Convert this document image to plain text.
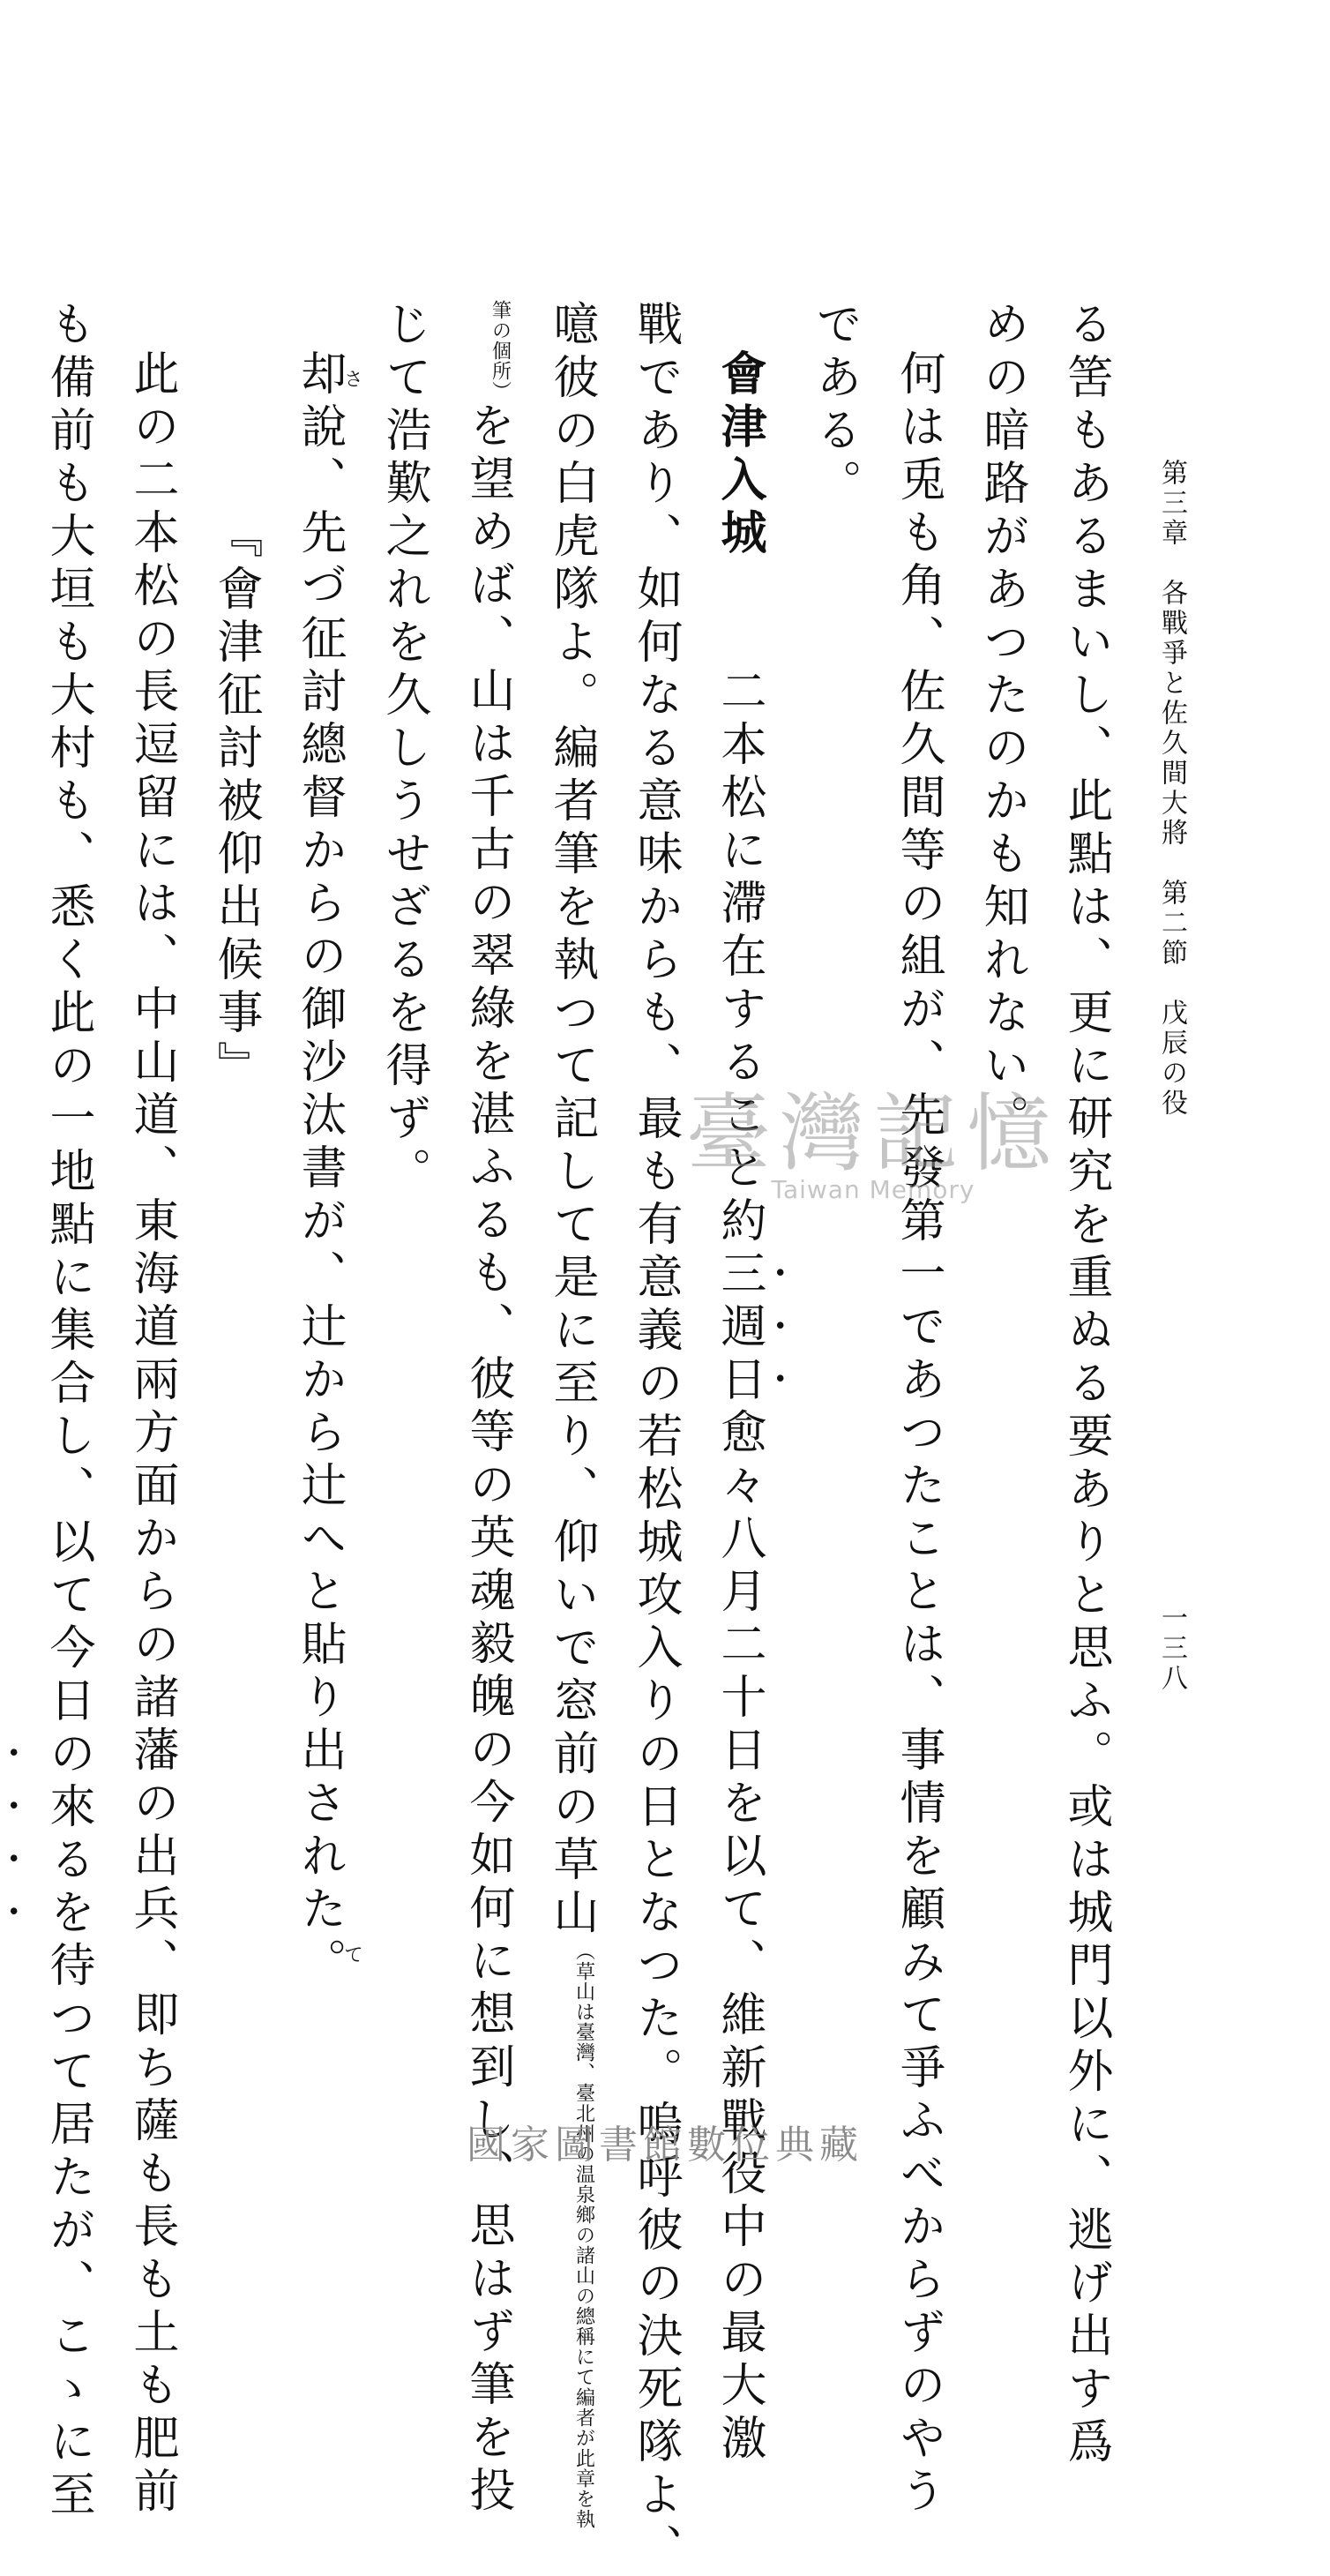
第三章　各戰爭と佐久間大將　第二節　戊辰の役
一三八
る筈もあるまいし、此點は、更に研究を重ぬる要ありと思ふ。或は城門以外に、逃げ出す爲
めの暗路があつたのかも知れない。
何は兎も角、佐久間等の組が、先發第一であつたことは、事情を顧みて爭ふべからずのやう
である。
會津入城　　二本松に滯在すること約三週日愈々八月二十日を以て、維新戰役中の最大激
戰であり、如何なる意味からも、最も有意義の若松城攻入りの日となつた。嗚呼彼の決死隊よ、
噫彼の白虎隊よ。編者筆を執つて記して是に至り、仰いで窓前の草山（草山は臺灣、臺北州の温泉鄉の諸山の總稱にて編者が此章を執
筆の個所）を望めば、山は千古の翠綠を湛ふるも、彼等の英魂毅魄の今如何に想到し、思はず筆を投
じて浩歎之れを久しうせざるを得ず。
却說、先づ征討總督からの御沙汰書が、辻から辻へと貼り出された。さて
『會津征討被仰出候事』
此の二本松の長逗留には、中山道、東海道兩方面からの諸藩の出兵、即ち薩も長も土も肥前
も備前も大垣も大村も、悉く此の一地點に集合し、以て今日の來るを待つて居たが、こゝに至	臺灣記憶
Taiwan Memory
國家圖書館數位典藏
